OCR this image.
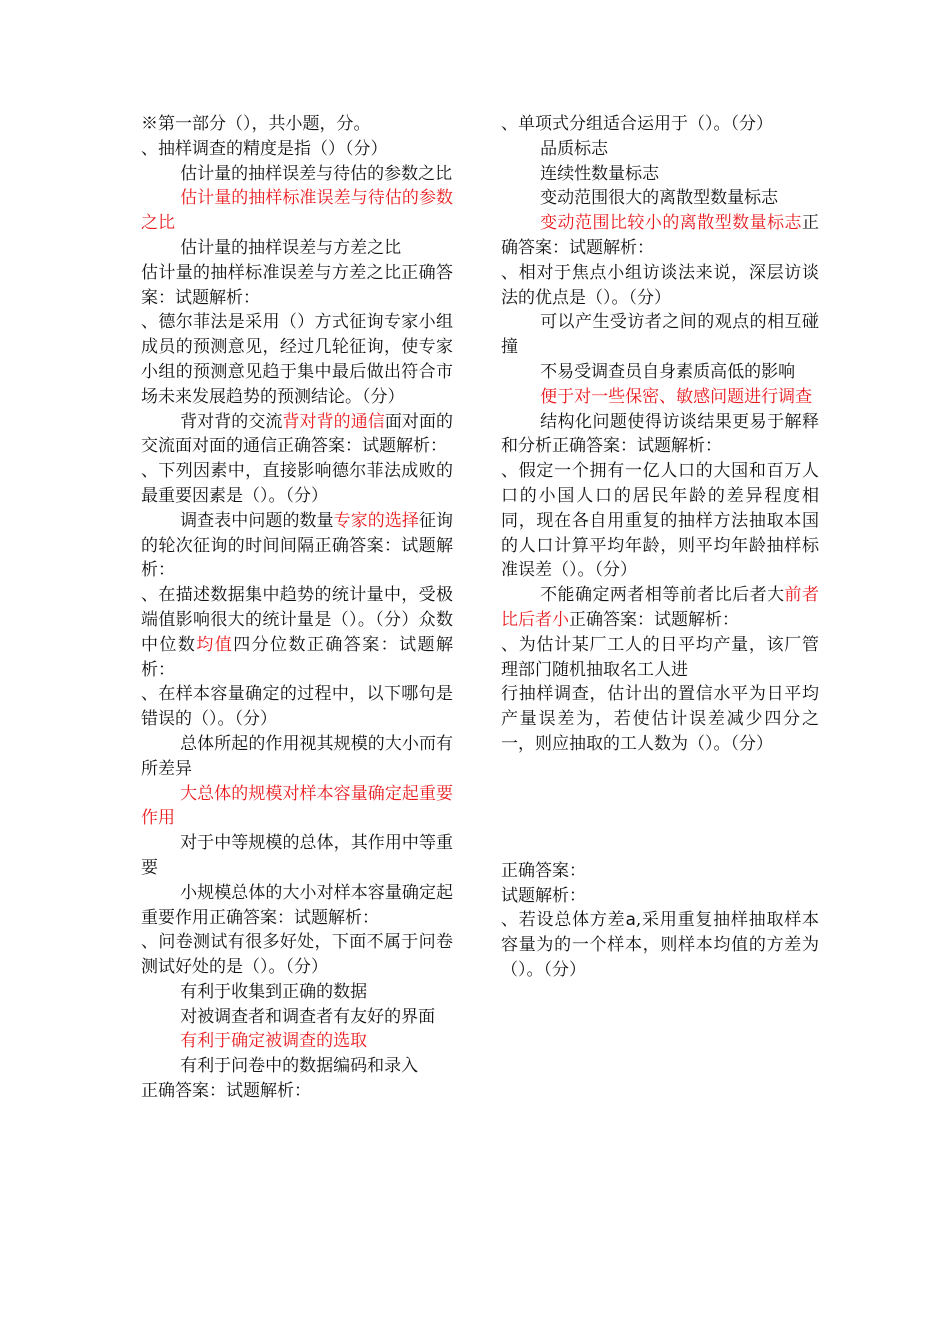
※第一部分（），共小题，分。

、抽样调查的精度是指（）（分）

估计量的抽样误差与待估的参数之比

估计量的抽样标准误差与待估的参数之比

估计量的抽样误差与方差之比

估计量的抽样标准误差与方差之比正确答案：试题解析：

、德尔菲法是采用（）方式征询专家小组成员的预测意见，经过几轮征询，使专家小组的预测意见趋于集中最后做出符合市场未来发展趋势的预测结论。（分）

背对背的交流背对背的通信面对面的交流面对面的通信正确答案：试题解析：

、下列因素中，直接影响德尔菲法成败的最重要因素是（）。（分）

调查表中问题的数量专家的选择征询的轮次征询的时间间隔正确答案：试题解析：

、在描述数据集中趋势的统计量中，受极端值影响很大的统计量是（）。（分）众数中位数均值四分位数正确答案：试题解析：

、在样本容量确定的过程中，以下哪句是错误的（）。（分）

总体所起的作用视其规模的大小而有所差异

大总体的规模对样本容量确定起重要作用

对于中等规模的总体，其作用中等重要

小规模总体的大小对样本容量确定起重要作用正确答案：试题解析：

、问卷测试有很多好处，下面不属于问卷测试好处的是（）。（分）

有利于收集到正确的数据

对被调查者和调查者有友好的界面

有利于确定被调查的选取

有利于问卷中的数据编码和录入

正确答案：试题解析：

、单项式分组适合运用于（）。（分）

品质标志

连续性数量标志

变动范围很大的离散型数量标志

变动范围比较小的离散型数量标志正确答案：试题解析：

、相对于焦点小组访谈法来说，深层访谈法的优点是（）。（分）

可以产生受访者之间的观点的相互碰撞

不易受调查员自身素质高低的影响

便于对一些保密、敏感问题进行调查

结构化问题使得访谈结果更易于解释和分析正确答案：试题解析：

、假定一个拥有一亿人口的大国和百万人口的小国人口的居民年龄的差异程度相同，现在各自用重复的抽样方法抽取本国的人口计算平均年龄，则平均年龄抽样标准误差（）。（分）

不能确定两者相等前者比后者大前者比后者小正确答案：试题解析：

、为估计某厂工人的日平均产量，该厂管理部门随机抽取名工人进

行抽样调查，估计出的置信水平为日平均产量误差为，若使估计误差减少四分之一，则应抽取的工人数为（）。（分）

正确答案：

试题解析：

、若设总体方差a,采用重复抽样抽取样本容量为的一个样本，则样本均值的方差为（）。（分）
